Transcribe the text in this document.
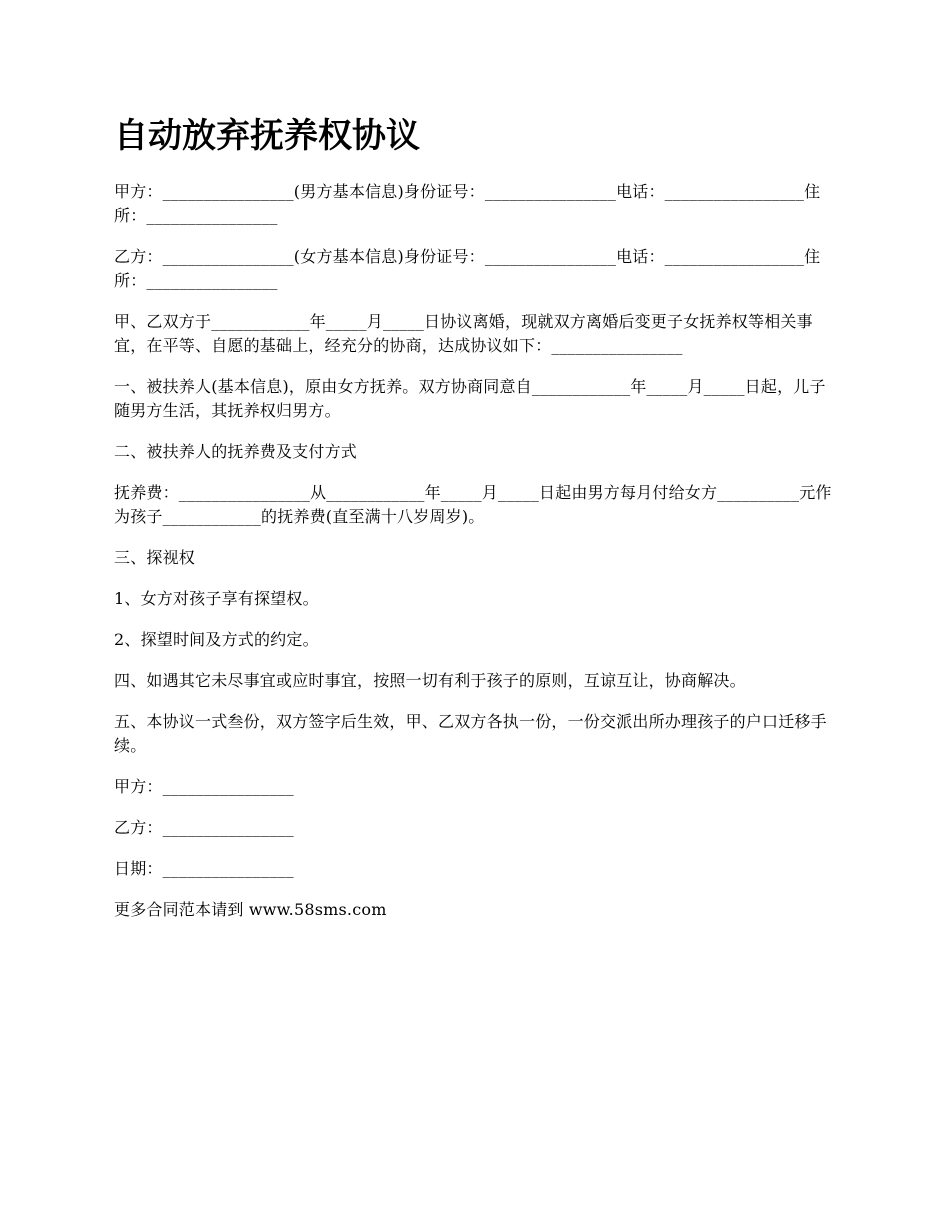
自动放弃抚养权协议

甲方：________________(男方基本信息)身份证号：________________电话：_________________住所：________________

乙方：________________(女方基本信息)身份证号：________________电话：_________________住所：________________

甲、乙双方于____________年_____月_____日协议离婚，现就双方离婚后变更子女抚养权等相关事宜，在平等、自愿的基础上，经充分的协商，达成协议如下：________________

一、被扶养人(基本信息)，原由女方抚养。双方协商同意自____________年_____月_____日起，儿子随男方生活，其抚养权归男方。

二、被扶养人的抚养费及支付方式

抚养费：________________从____________年_____月_____日起由男方每月付给女方__________元作为孩子____________的抚养费(直至满十八岁周岁)。

三、探视权

1、女方对孩子享有探望权。

2、探望时间及方式的约定。

四、如遇其它未尽事宜或应时事宜，按照一切有利于孩子的原则，互谅互让，协商解决。

五、本协议一式叁份，双方签字后生效，甲、乙双方各执一份，一份交派出所办理孩子的户口迁移手续。

甲方：________________

乙方：________________

日期：________________

更多合同范本请到 www.58sms.com
